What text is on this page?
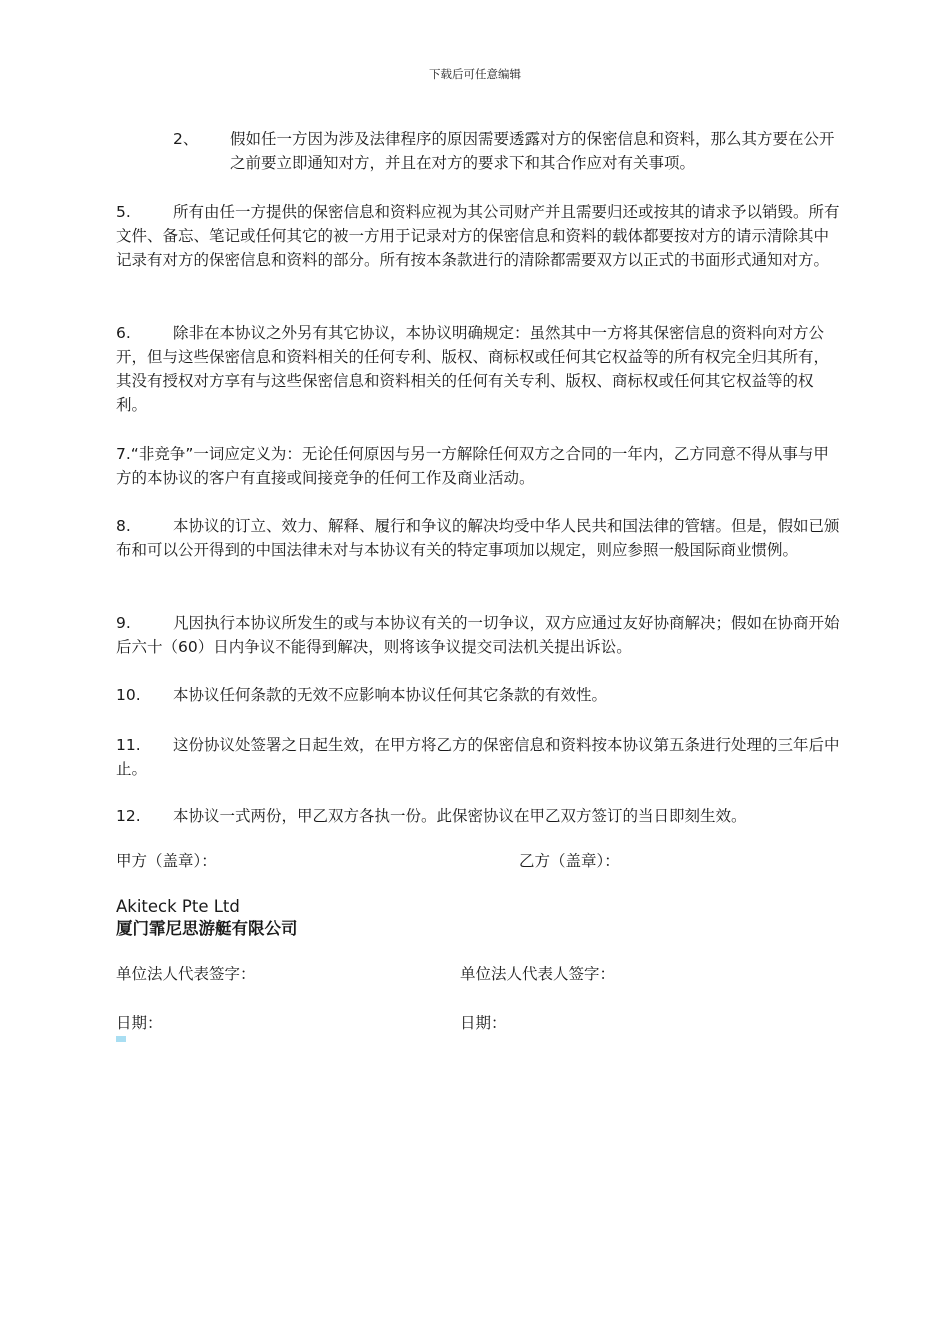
下载后可任意编辑
2、 假如任一方因为涉及法律程序的原因需要透露对方的保密信息和资料，那么其方要在公开之前要立即通知对方，并且在对方的要求下和其合作应对有关事项。
5.	所有由任一方提供的保密信息和资料应视为其公司财产并且需要归还或按其的请求予以销毁。所有文件、备忘、笔记或任何其它的被一方用于记录对方的保密信息和资料的载体都要按对方的请示清除其中记录有对方的保密信息和资料的部分。所有按本条款进行的清除都需要双方以正式的书面形式通知对方。
6.	除非在本协议之外另有其它协议，本协议明确规定：虽然其中一方将其保密信息的资料向对方公开，但与这些保密信息和资料相关的任何专利、版权、商标权或任何其它权益等的所有权完全归其所有，其没有授权对方享有与这些保密信息和资料相关的任何有关专利、版权、商标权或任何其它权益等的权利。
7.“非竞争”一词应定义为：无论任何原因与另一方解除任何双方之合同的一年内，乙方同意不得从事与甲方的本协议的客户有直接或间接竞争的任何工作及商业活动。
8.	本协议的订立、效力、解释、履行和争议的解决均受中华人民共和国法律的管辖。但是，假如已颁布和可以公开得到的中国法律未对与本协议有关的特定事项加以规定，则应参照一般国际商业惯例。
9.	凡因执行本协议所发生的或与本协议有关的一切争议，双方应通过友好协商解决；假如在协商开始后六十（60）日内争议不能得到解决，则将该争议提交司法机关提出诉讼。
10. 本协议任何条款的无效不应影响本协议任何其它条款的有效性。
11. 这份协议处签署之日起生效，在甲方将乙方的保密信息和资料按本协议第五条进行处理的三年后中止。
12. 本协议一式两份，甲乙双方各执一份。此保密协议在甲乙双方签订的当日即刻生效。
甲方（盖章）：	乙方（盖章）：
Akiteck Pte Ltd
厦门霏尼思游艇有限公司
单位法人代表签字：	单位法人代表人签字：
日期：	日期：
